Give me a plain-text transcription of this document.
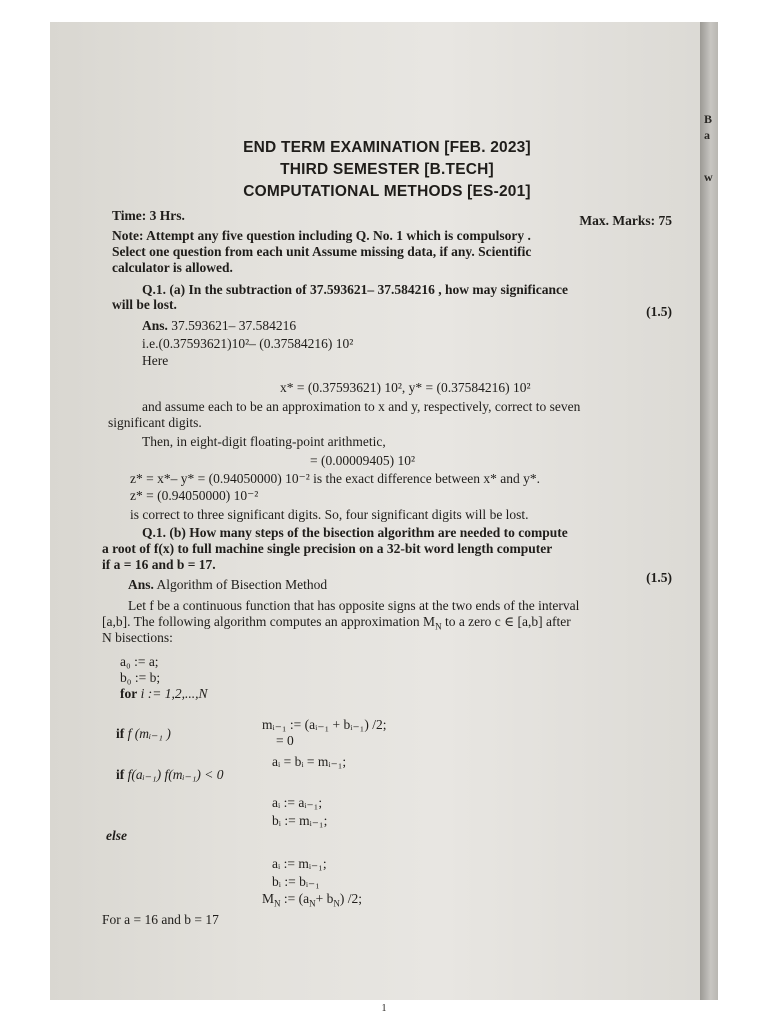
END TERM EXAMINATION [FEB. 2023]
THIRD SEMESTER [B.TECH]
COMPUTATIONAL METHODS [ES-201]
Time: 3 Hrs.	Max. Marks: 75
Note: Attempt any five question including Q. No. 1 which is compulsory .
Select one question from each unit Assume missing data, if any. Scientific
calculator is allowed.
Q.1. (a) In the subtraction of 37.593621– 37.584216 , how may significance
will be lost.	(1.5)
Ans. 37.593621– 37.584216
i.e.(0.37593621)10²– (0.37584216) 10²
Here
x* = (0.37593621) 10², y* = (0.37584216) 10²
and assume each to be an approximation to x and y, respectively, correct to seven
significant digits.
Then, in eight-digit floating-point arithmetic,
= (0.00009405) 10²
z* = x*– y* = (0.94050000) 10⁻² is the exact difference between x* and y*.
z* = (0.94050000) 10⁻²
is correct to three significant digits. So, four significant digits will be lost.
Q.1. (b) How many steps of the bisection algorithm are needed to compute
a root of f(x) to full machine single precision on a 32-bit word length computer
if a = 16 and b = 17.
(1.5)
Ans. Algorithm of Bisection Method
Let f be a continuous function that has opposite signs at the two ends of the interval
[a,b]. The following algorithm computes an approximation $M_N$ to a zero c ∈ [a,b] after
N bisections:
a₀ := a;
b₀ := b;
for i := 1,2,...,N
mᵢ₋₁ := (aᵢ₋₁ + bᵢ₋₁) /2;
if f (mᵢ₋₁ )	= 0
aᵢ = bᵢ = mᵢ₋₁;
if f(aᵢ₋₁) f(mᵢ₋₁) < 0
aᵢ := aᵢ₋₁;
bᵢ := mᵢ₋₁;
else
aᵢ := mᵢ₋₁;
bᵢ := bᵢ₋₁
$M_N$ := $(a_N+ b_N)$ /2;
For a = 16 and b = 17
B
a
w
1
